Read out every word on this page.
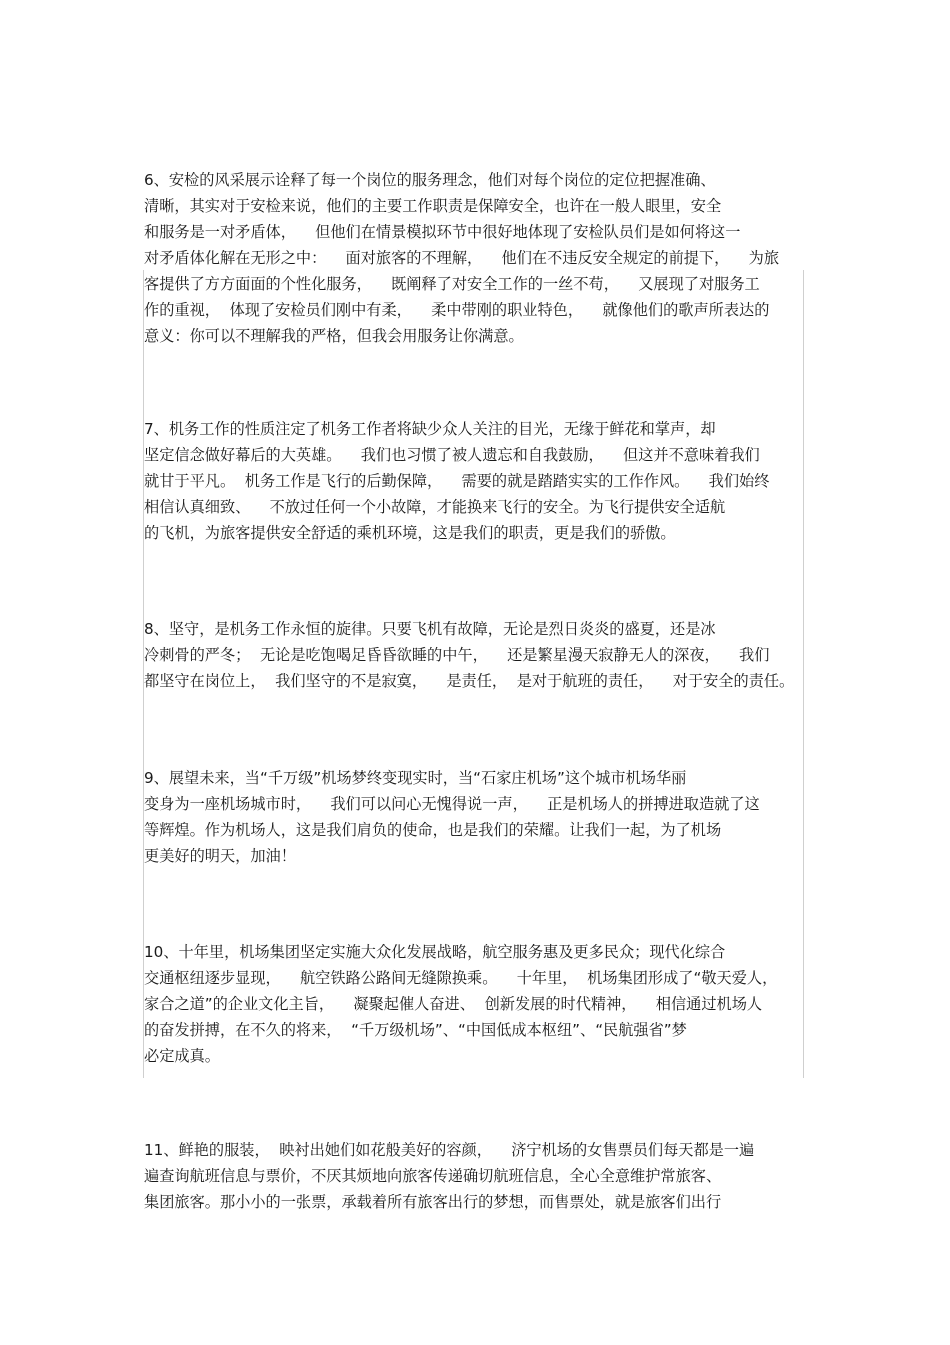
6、安检的风采展示诠释了每一个岗位的服务理念，他们对每个岗位的定位把握准确、
清晰，其实对于安检来说，他们的主要工作职责是保障安全，也许在一般人眼里，安全
和服务是一对矛盾体，    但他们在情景模拟环节中很好地体现了安检队员们是如何将这一
对矛盾体化解在无形之中：    面对旅客的不理解，    他们在不违反安全规定的前提下，    为旅
客提供了方方面面的个性化服务，    既阐释了对安全工作的一丝不苟，    又展现了对服务工
作的重视，  体现了安检员们刚中有柔，    柔中带刚的职业特色，    就像他们的歌声所表达的
意义：你可以不理解我的严格，但我会用服务让你满意。
7、机务工作的性质注定了机务工作者将缺少众人关注的目光，无缘于鲜花和掌声，却
坚定信念做好幕后的大英雄。    我们也习惯了被人遗忘和自我鼓励，    但这并不意味着我们
就甘于平凡。  机务工作是飞行的后勤保障，    需要的就是踏踏实实的工作作风。    我们始终
相信认真细致、    不放过任何一个小故障，才能换来飞行的安全。为飞行提供安全适航
的飞机，为旅客提供安全舒适的乘机环境，这是我们的职责，更是我们的骄傲。
8、坚守，是机务工作永恒的旋律。只要飞机有故障，无论是烈日炎炎的盛夏，还是冰
冷刺骨的严冬；  无论是吃饱喝足昏昏欲睡的中午，    还是繁星漫天寂静无人的深夜，    我们
都坚守在岗位上，  我们坚守的不是寂寞，    是责任，  是对于航班的责任，    对于安全的责任。
9、展望未来，当“千万级”机场梦终变现实时，当“石家庄机场”这个城市机场华丽
变身为一座机场城市时，    我们可以问心无愧得说一声，    正是机场人的拼搏进取造就了这
等辉煌。作为机场人，这是我们肩负的使命，也是我们的荣耀。让我们一起，为了机场
更美好的明天，加油！
10、十年里，机场集团坚定实施大众化发展战略，航空服务惠及更多民众；现代化综合
交通枢纽逐步显现，    航空铁路公路间无缝隙换乘。    十年里，  机场集团形成了“敬天爱人，
家合之道”的企业文化主旨，    凝聚起催人奋进、  创新发展的时代精神，    相信通过机场人
的奋发拼搏，在不久的将来，  “千万级机场”、“中国低成本枢纽”、“民航强省”梦
必定成真。
11、鲜艳的服装，  映衬出她们如花般美好的容颜，    济宁机场的女售票员们每天都是一遍
遍查询航班信息与票价，不厌其烦地向旅客传递确切航班信息，全心全意维护常旅客、
集团旅客。那小小的一张票，承载着所有旅客出行的梦想，而售票处，就是旅客们出行
